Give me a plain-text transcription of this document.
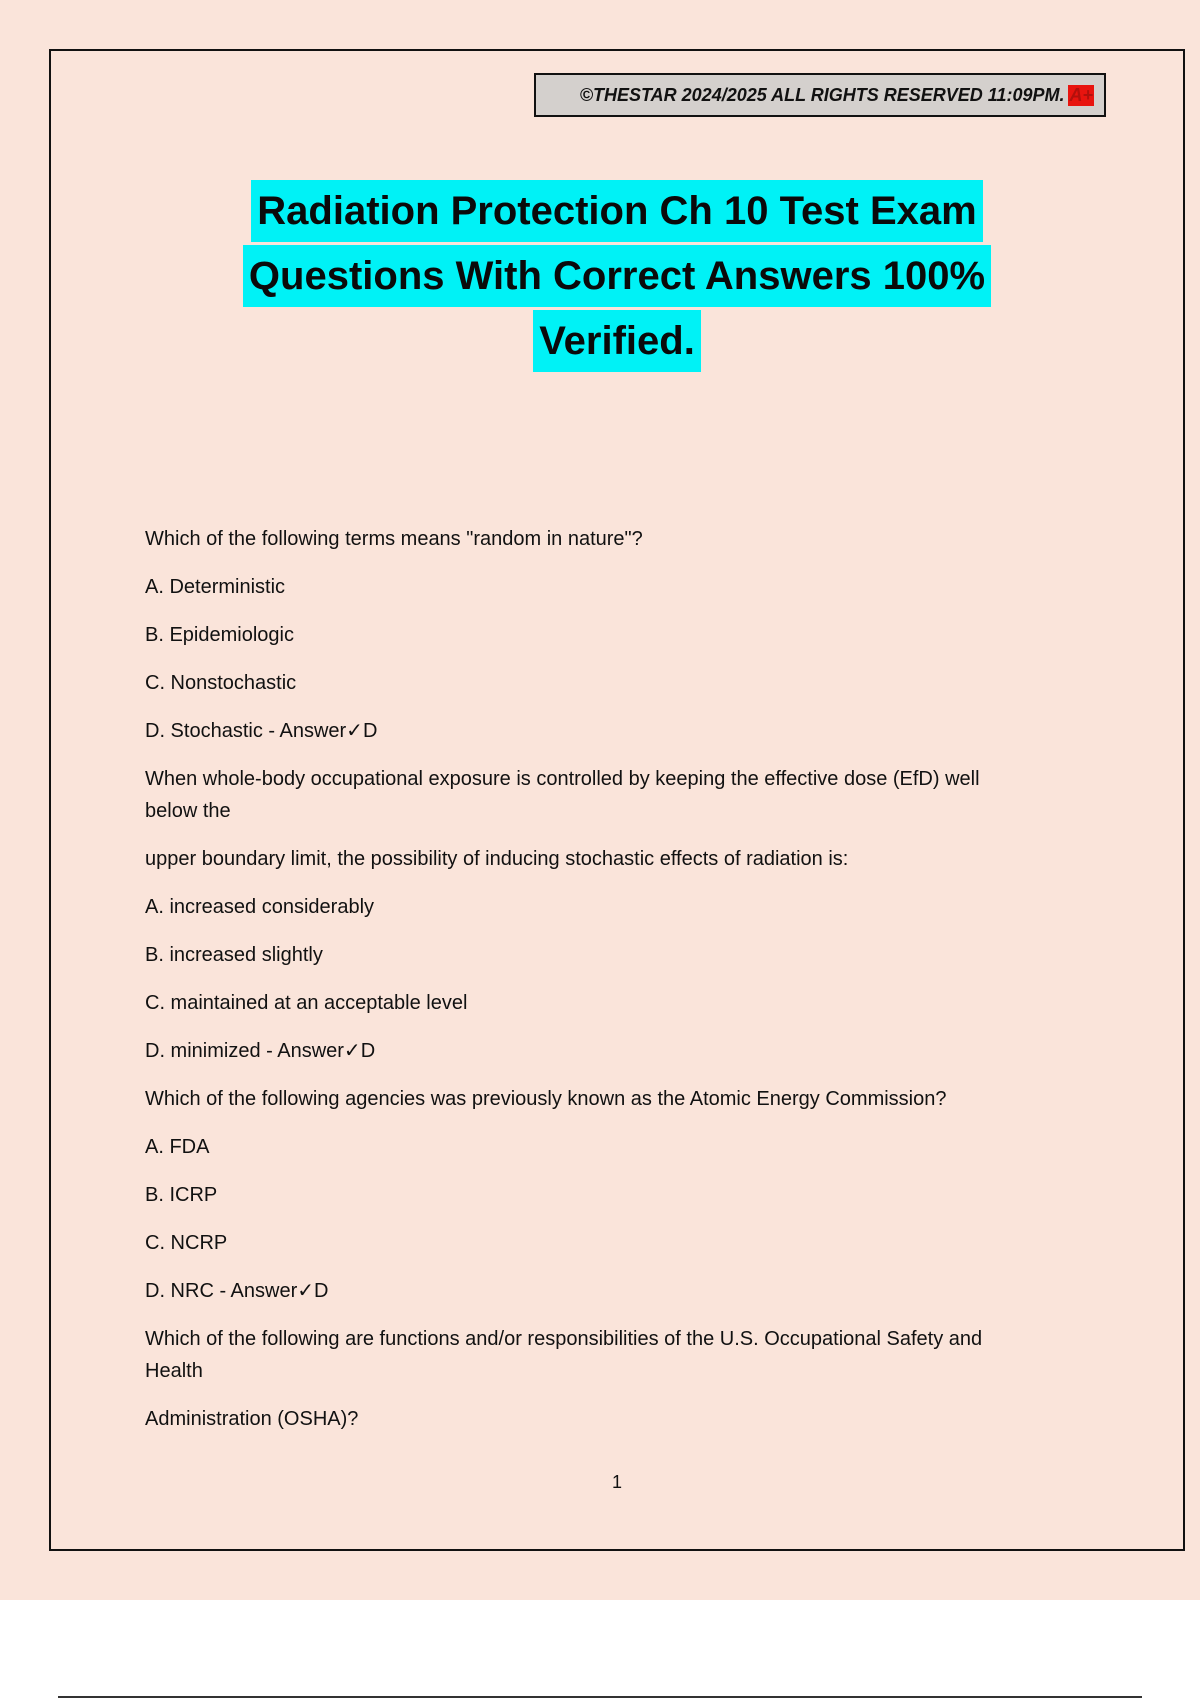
©THESTAR 2024/2025 ALL RIGHTS RESERVED 11:09PM. A+
Radiation Protection Ch 10 Test Exam
Questions With Correct Answers 100%
Verified.

Which of the following terms means "random in nature"?

A. Deterministic

B. Epidemiologic

C. Nonstochastic

D. Stochastic - Answer✓D

When whole-body occupational exposure is controlled by keeping the effective dose (EfD) well

below the

upper boundary limit, the possibility of inducing stochastic effects of radiation is:

A. increased considerably

B. increased slightly

C. maintained at an acceptable level

D. minimized - Answer✓D

Which of the following agencies was previously known as the Atomic Energy Commission?

A. FDA

B. ICRP

C. NCRP

D. NRC - Answer✓D

Which of the following are functions and/or responsibilities of the U.S. Occupational Safety and

Health

Administration (OSHA)?

1
